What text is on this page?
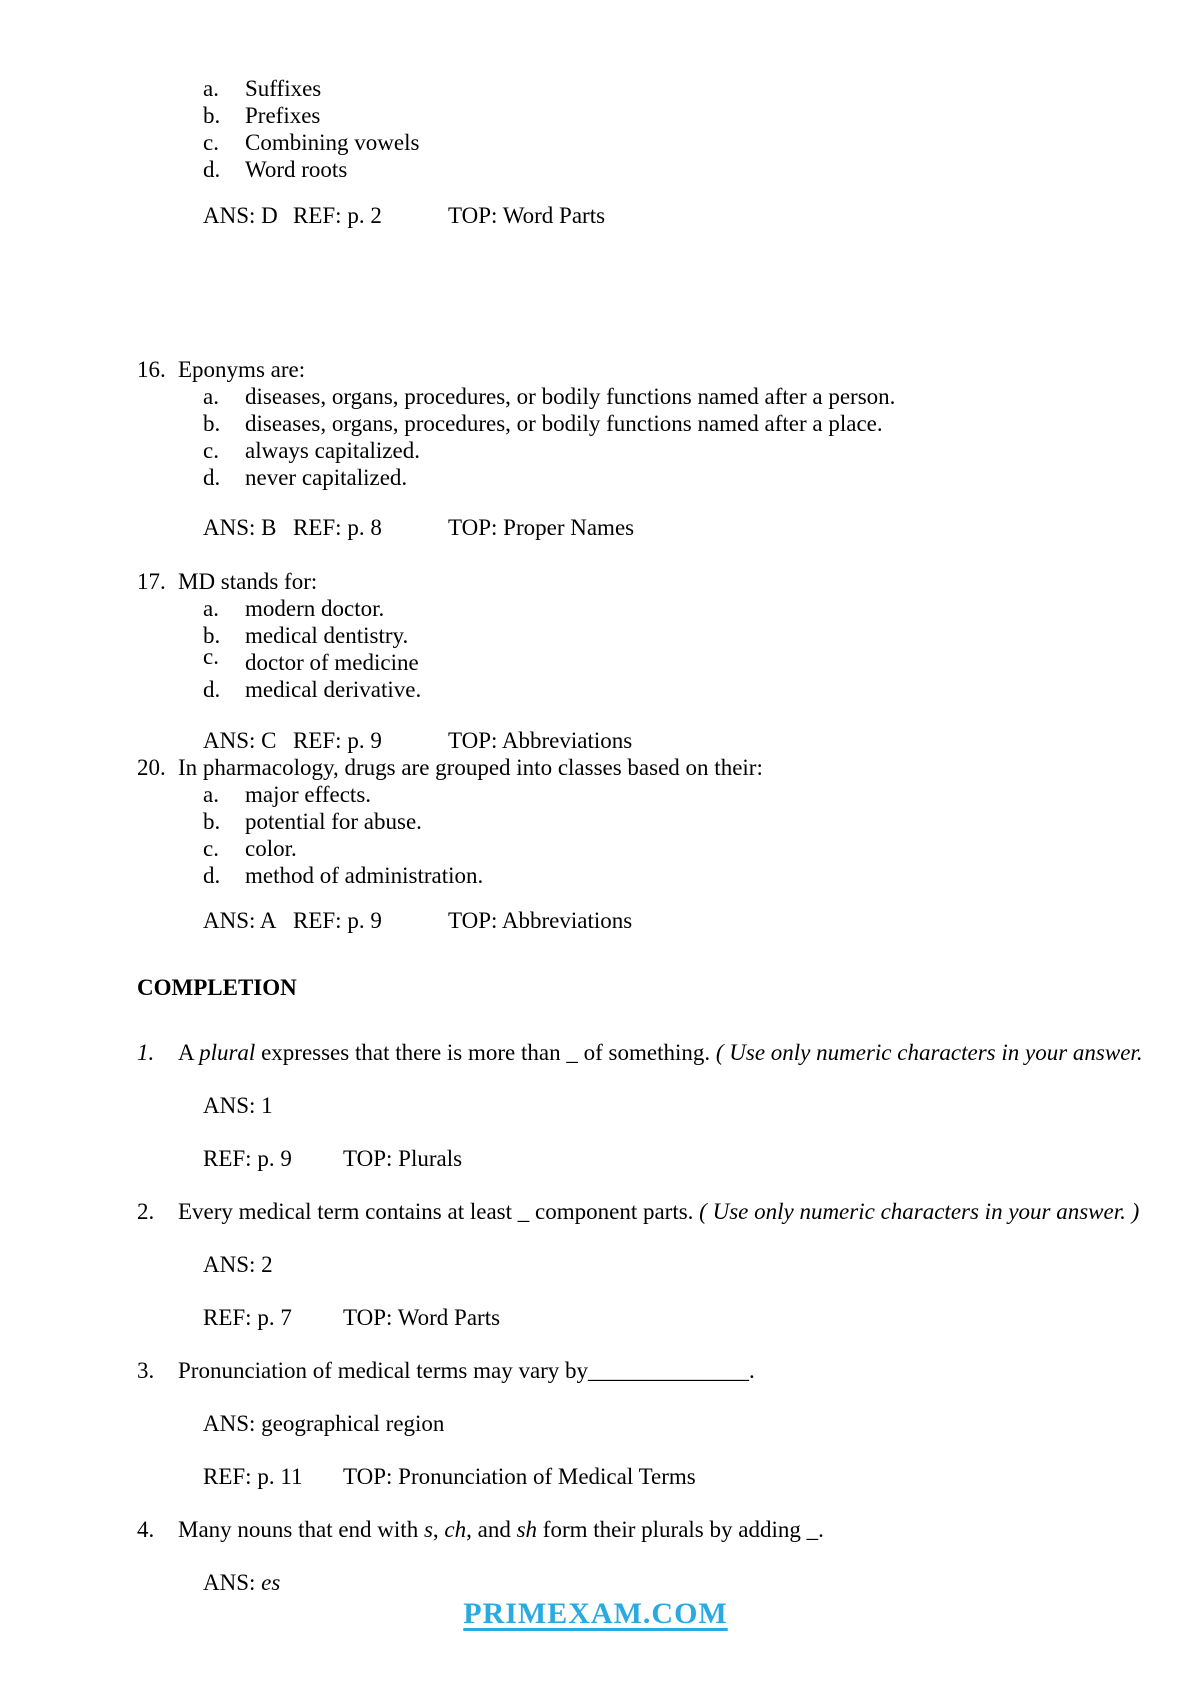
a.	Suffixes
b.	Prefixes
c.	Combining vowels
d.	Word roots
ANS: D REF: p. 2	TOP: Word Parts
16. Eponyms are:
a.	diseases, organs, procedures, or bodily functions named after a person.
b.	diseases, organs, procedures, or bodily functions named after a place.
c.	always capitalized.
d.	never capitalized.
ANS: B REF: p. 8	TOP: Proper Names
17. MD stands for:
a.	modern doctor.
b.	medical dentistry.
c.	doctor of medicine
d.	medical derivative.
ANS: C REF: p. 9	TOP: Abbreviations
20. In pharmacology, drugs are grouped into classes based on their:
a.	major effects.
b.	potential for abuse.
c.	color.
d.	method of administration.
ANS: A REF: p. 9	TOP: Abbreviations
COMPLETION
1.	A plural expresses that there is more than _ of something. ( Use only numeric characters in your answer.
ANS: 1
REF: p. 9 TOP: Plurals
2.	Every medical term contains at least _ component parts. ( Use only numeric characters in your answer. )
ANS: 2
REF: p. 7 TOP: Word Parts
3.	Pronunciation of medical terms may vary by______________.
ANS: geographical region
REF: p. 11 TOP: Pronunciation of Medical Terms
4.	Many nouns that end with s, ch, and sh form their plurals by adding _.
ANS: es
PRIMEXAM.COM
